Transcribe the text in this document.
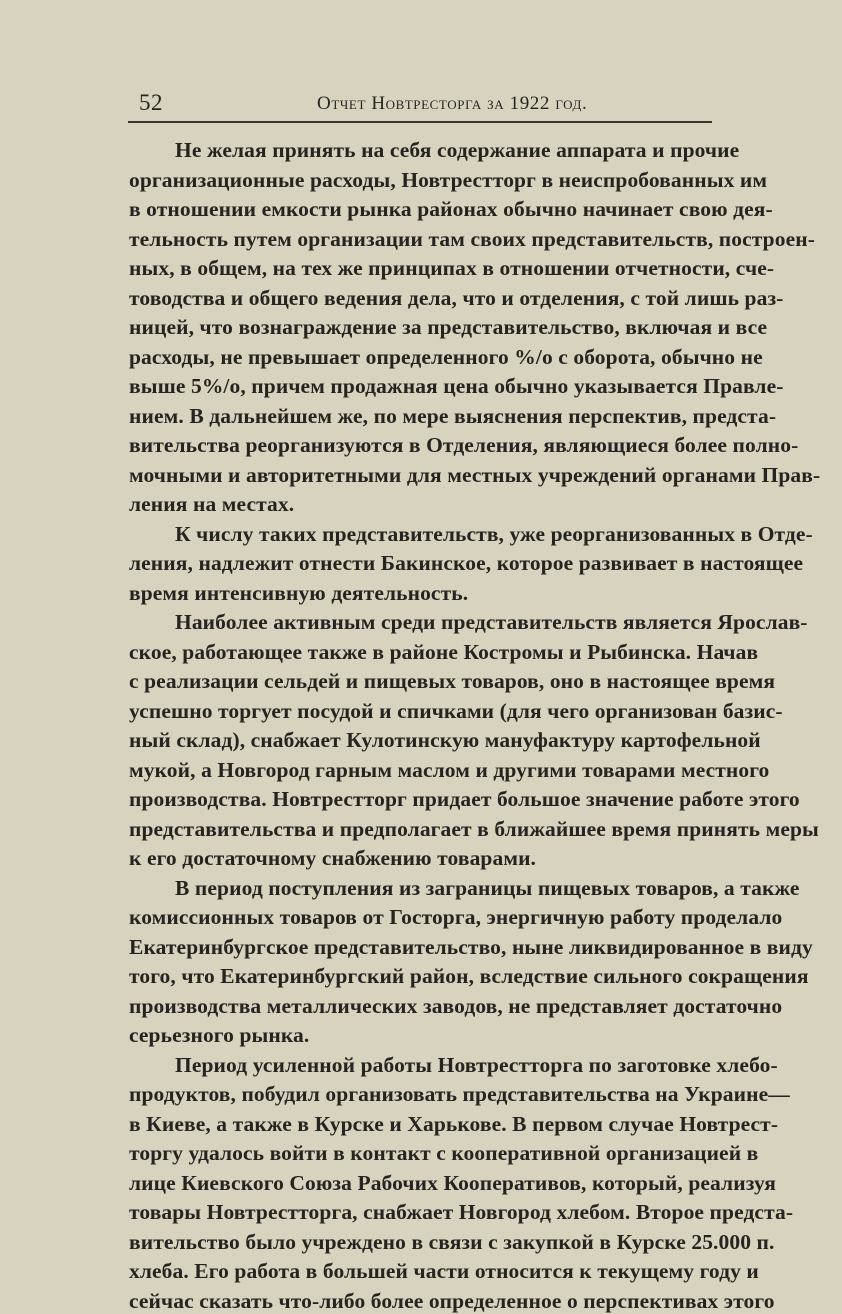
52	Отчет Новтресторга за 1922 год.
Не желая принять на себя содержание аппарата и прочие
организационные расходы, Новтрестторг в неиспробованных им
в отношении емкости рынка районах обычно начинает свою дея-
тельность путем организации там своих представительств, построен-
ных, в общем, на тех же принципах в отношении отчетности, сче-
товодства и общего ведения дела, что и отделения, с той лишь раз-
ницей, что вознаграждение за представительство, включая и все
расходы, не превышает определенного %/о с оборота, обычно не
выше 5%/о, причем продажная цена обычно указывается Правле-
нием. В дальнейшем же, по мере выяснения перспектив, предста-
вительства реорганизуются в Отделения, являющиеся более полно-
мочными и авторитетными для местных учреждений органами Прав-
ления на местах.
К числу таких представительств, уже реорганизованных в Отде-
ления, надлежит отнести Бакинское, которое развивает в настоящее
время интенсивную деятельность.
Наиболее активным среди представительств является Ярослав-
ское, работающее также в районе Костромы и Рыбинска. Начав
с реализации сельдей и пищевых товаров, оно в настоящее время
успешно торгует посудой и спичками (для чего организован базис-
ный склад), снабжает Кулотинскую мануфактуру картофельной
мукой, а Новгород гарным маслом и другими товарами местного
производства. Новтрестторг придает большое значение работе этого
представительства и предполагает в ближайшее время принять меры
к его достаточному снабжению товарами.
В период поступления из заграницы пищевых товаров, а также
комиссионных товаров от Госторга, энергичную работу проделало
Екатеринбургское представительство, ныне ликвидированное в виду
того, что Екатеринбургский район, вследствие сильного сокращения
производства металлических заводов, не представляет достаточно
серьезного рынка.
Период усиленной работы Новтрестторга по заготовке хлебо-
продуктов, побудил организовать представительства на Украине—
в Киеве, а также в Курске и Харькове. В первом случае Новтрест-
торгу удалось войти в контакт с кооперативной организацией в
лице Киевского Союза Рабочих Кооперативов, который, реализуя
товары Новтрестторга, снабжает Новгород хлебом. Второе предста-
вительство было учреждено в связи с закупкой в Курске 25.000 п.
хлеба. Его работа в большей части относится к текущему году и
сейчас сказать что-либо более определенное о перспективах этого
